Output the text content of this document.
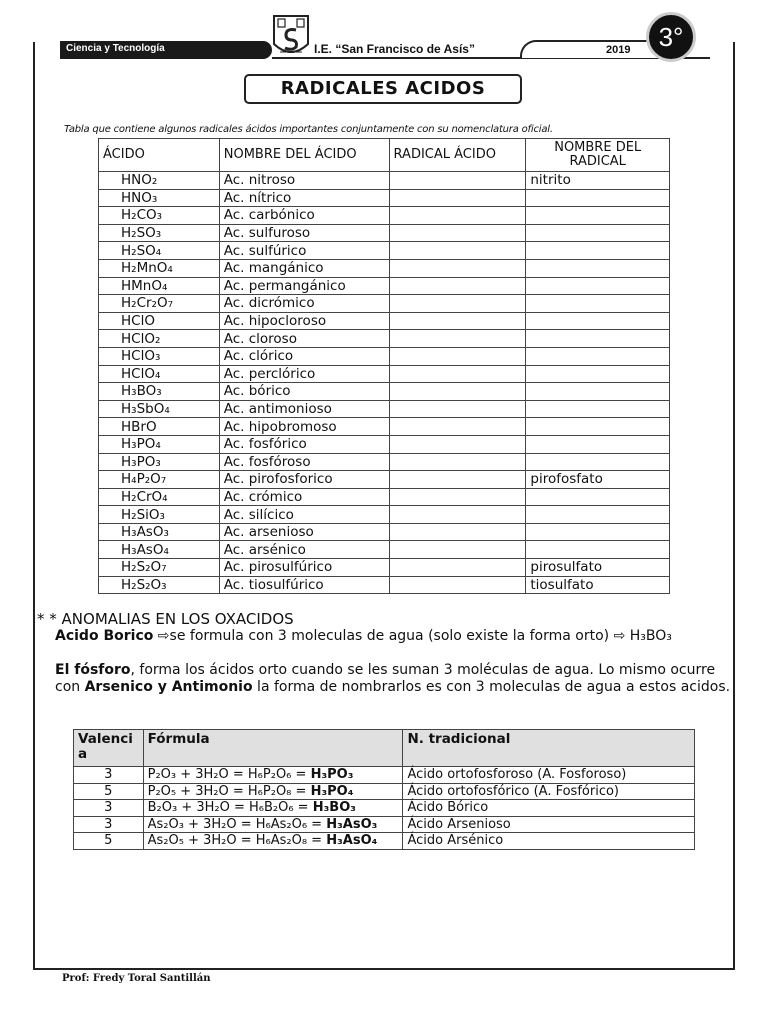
Ciencia y Tecnología	I.E. “San Francisco de Asís”	2019	3°
RADICALES ACIDOS
Tabla que contiene algunos radicales ácidos importantes conjuntamente con su nomenclatura oficial.
ÁCIDO	NOMBRE DEL ÁCIDO	RADICAL ÁCIDO	NOMBRE DEL RADICAL
HNO₂	Ac. nitroso		nitrito
HNO₃	Ac. nítrico		
H₂CO₃	Ac. carbónico		
H₂SO₃	Ac. sulfuroso		
H₂SO₄	Ac. sulfúrico		
H₂MnO₄	Ac. mangánico		
HMnO₄	Ac. permangánico		
H₂Cr₂O₇	Ac. dicrómico		
HClO	Ac. hipocloroso		
HClO₂	Ac. cloroso		
HClO₃	Ac. clórico		
HClO₄	Ac. perclórico		
H₃BO₃	Ac. bórico		
H₃SbO₄	Ac. antimonioso		
HBrO	Ac. hipobromoso		
H₃PO₄	Ac. fosfórico		
H₃PO₃	Ac. fosfóroso		
H₄P₂O₇	Ac. pirofosforico		pirofosfato
H₂CrO₄	Ac. crómico		
H₂SiO₃	Ac. silícico		
H₃AsO₃	Ac. arsenioso		
H₃AsO₄	Ac. arsénico		
H₂S₂O₇	Ac. pirosulfúrico		pirosulfato
H₂S₂O₃	Ac. tiosulfúrico		tiosulfato
* * ANOMALIAS EN LOS OXACIDOS
Acido Borico ⇨se formula con 3 moleculas de agua (solo existe la forma orto) ⇨ H₃BO₃
El fósforo, forma los ácidos orto cuando se les suman 3 moléculas de agua. Lo mismo ocurre con Arsenico y Antimonio la forma de nombrarlos es con 3 moleculas de agua a estos acidos.
Valencia	Fórmula	N. tradicional
3	P₂O₃ + 3H₂O = H₆P₂O₆ = H₃PO₃	Ácido ortofosforoso (A. Fosforoso)
5	P₂O₅ + 3H₂O = H₆P₂O₈ = H₃PO₄	Ácido ortofosfórico (A. Fosfórico)
3	B₂O₃ + 3H₂O = H₆B₂O₆ = H₃BO₃	Ácido Bórico
3	As₂O₃ + 3H₂O = H₆As₂O₆ = H₃AsO₃	Ácido Arsenioso
5	As₂O₅ + 3H₂O = H₆As₂O₈ = H₃AsO₄	Ácido Arsénico
Prof: Fredy Toral Santillán
